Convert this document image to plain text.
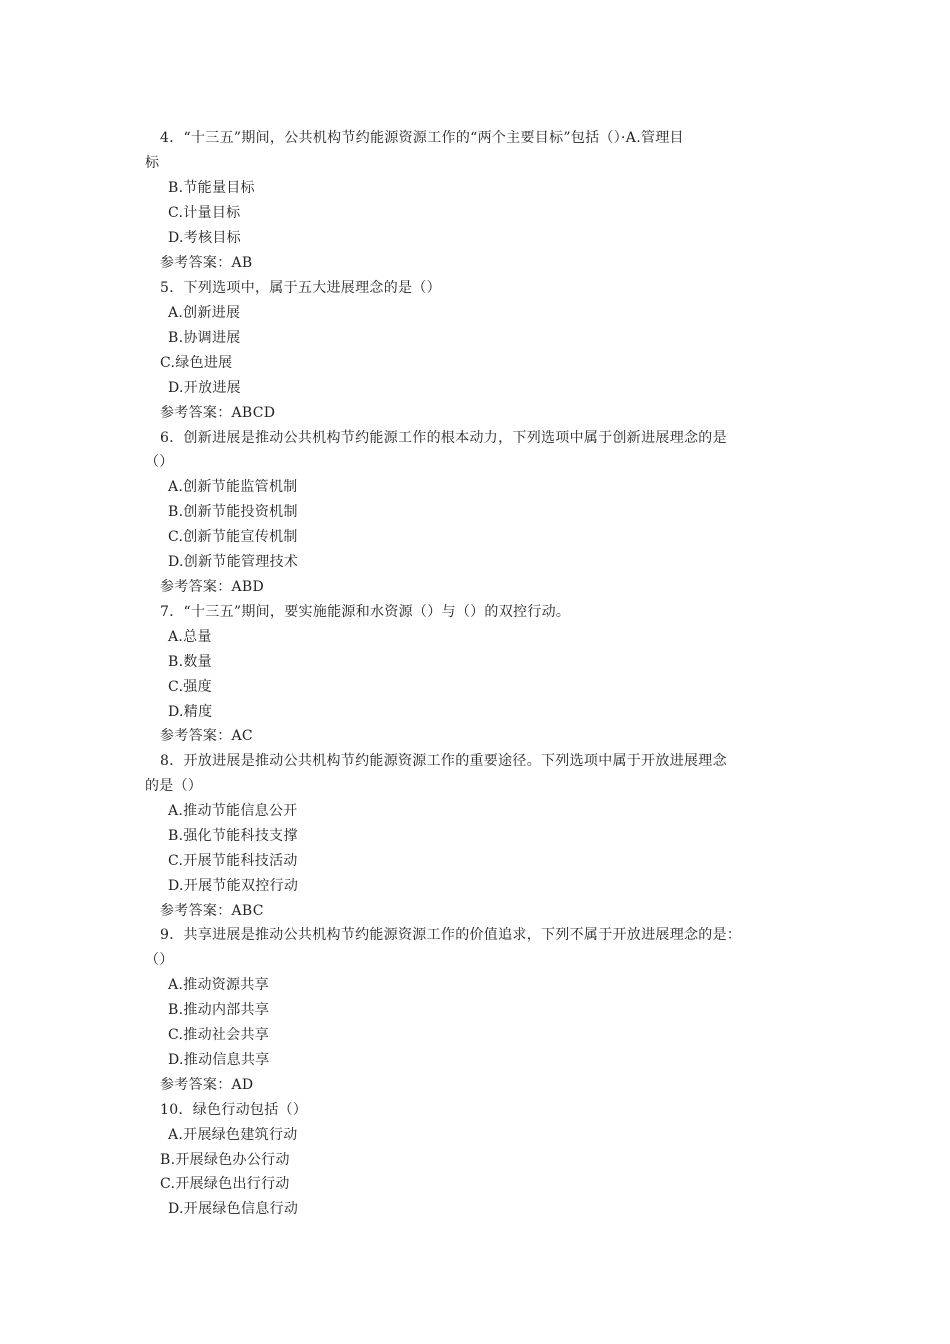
4．“十三五”期间，公共机构节约能源资源工作的“两个主要目标”包括（）·A.管理目
标
B.节能量目标
C.计量目标
D.考核目标
参考答案：AB
5．下列选项中，属于五大进展理念的是（）
A.创新进展
B.协调进展
C.绿色进展
D.开放进展
参考答案：ABCD
6．创新进展是推动公共机构节约能源工作的根本动力，下列选项中属于创新进展理念的是
（）
A.创新节能监管机制
B.创新节能投资机制
C.创新节能宣传机制
D.创新节能管理技术
参考答案：ABD
7．“十三五”期间，要实施能源和水资源（）与（）的双控行动。
A.总量
B.数量
C.强度
D.精度
参考答案：AC
8．开放进展是推动公共机构节约能源资源工作的重要途径。下列选项中属于开放进展理念
的是（）
A.推动节能信息公开
B.强化节能科技支撑
C.开展节能科技活动
D.开展节能双控行动
参考答案：ABC
9．共享进展是推动公共机构节约能源资源工作的价值追求，下列不属于开放进展理念的是：
（）
A.推动资源共享
B.推动内部共享
C.推动社会共享
D.推动信息共享
参考答案：AD
10．绿色行动包括（）
A.开展绿色建筑行动
B.开展绿色办公行动
C.开展绿色出行行动
D.开展绿色信息行动
